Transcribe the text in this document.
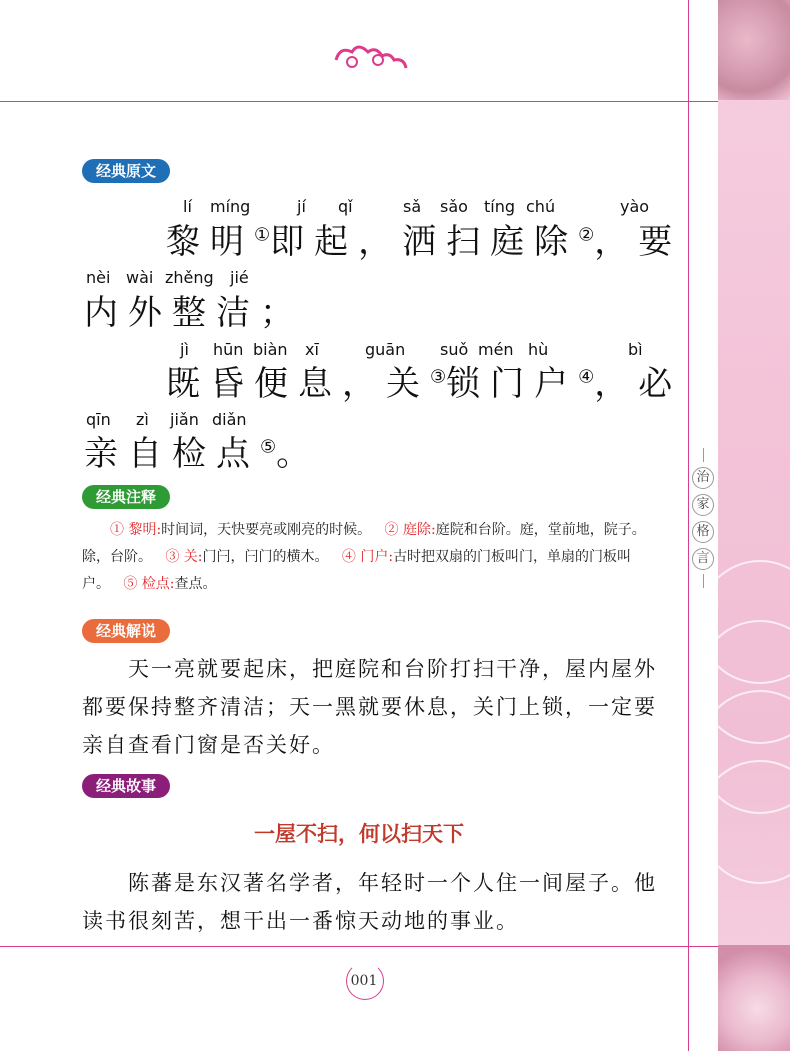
治
家
格
言
经典原文
lí míng	jí qǐ	sǎ sǎo tíng chú	yào
黎明①即起，洒扫庭除②，要
nèi wài zhěng jié
内外整洁；
jì hūn biàn xī	guān suǒ mén hù	bì
既昏便息，关③锁门户④，必
qīn zì jiǎn diǎn
亲自检点⑤。
经典注释
① 黎明:时间词，天快要亮或刚亮的时候。 ② 庭除:庭院和台阶。庭，堂前地，院子。除，台阶。 ③ 关:门闩，闩门的横木。 ④ 门户:古时把双扇的门板叫门，单扇的门板叫户。 ⑤ 检点:查点。
经典解说
天一亮就要起床，把庭院和台阶打扫干净，屋内屋外都要保持整齐清洁；天一黑就要休息，关门上锁，一定要亲自查看门窗是否关好。
经典故事
一屋不扫，何以扫天下
陈蕃是东汉著名学者，年轻时一个人住一间屋子。他读书很刻苦，想干出一番惊天动地的事业。
001
